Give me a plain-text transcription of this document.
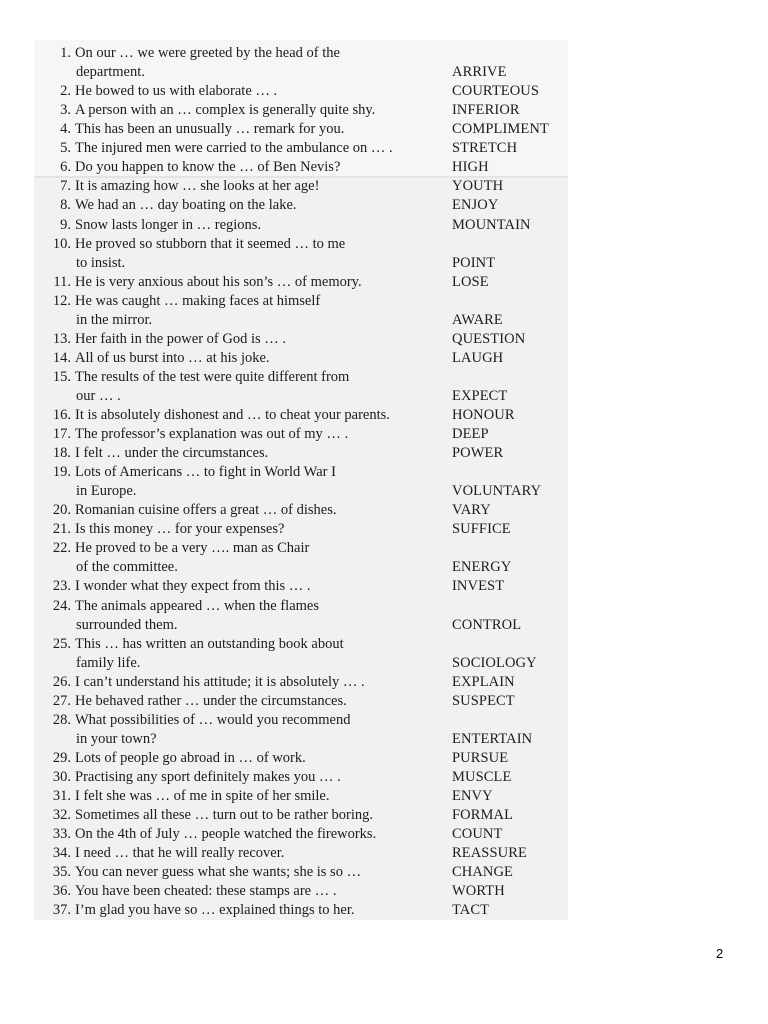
1. On our … we were greeted by the head of the
department.	ARRIVE
2. He bowed to us with elaborate … .	COURTEOUS
3. A person with an … complex is generally quite shy.	INFERIOR
4. This has been an unusually … remark for you.	COMPLIMENT
5. The injured men were carried to the ambulance on … .	STRETCH
6. Do you happen to know the … of Ben Nevis?	HIGH
7. It is amazing how … she looks at her age!	YOUTH
8. We had an … day boating on the lake.	ENJOY
9. Snow lasts longer in … regions.	MOUNTAIN
10. He proved so stubborn that it seemed … to me
to insist.	POINT
11. He is very anxious about his son’s … of memory.	LOSE
12. He was caught … making faces at himself
in the mirror.	AWARE
13. Her faith in the power of God is … .	QUESTION
14. All of us burst into … at his joke.	LAUGH
15. The results of the test were quite different from
our … .	EXPECT
16. It is absolutely dishonest and … to cheat your parents.	HONOUR
17. The professor’s explanation was out of my … .	DEEP
18. I felt … under the circumstances.	POWER
19. Lots of Americans … to fight in World War I
in Europe.	VOLUNTARY
20. Romanian cuisine offers a great … of dishes.	VARY
21. Is this money … for your expenses?	SUFFICE
22. He proved to be a very …. man as Chair
of the committee.	ENERGY
23. I wonder what they expect from this … .	INVEST
24. The animals appeared … when the flames
surrounded them.	CONTROL
25. This … has written an outstanding book about
family life.	SOCIOLOGY
26. I can’t understand his attitude; it is absolutely … .	EXPLAIN
27. He behaved rather … under the circumstances.	SUSPECT
28. What possibilities of … would you recommend
in your town?	ENTERTAIN
29. Lots of people go abroad in … of work.	PURSUE
30. Practising any sport definitely makes you … .	MUSCLE
31. I felt she was … of me in spite of her smile.	ENVY
32. Sometimes all these … turn out to be rather boring.	FORMAL
33. On the 4th of July … people watched the fireworks.	COUNT
34. I need … that he will really recover.	REASSURE
35. You can never guess what she wants; she is so …	CHANGE
36. You have been cheated: these stamps are … .	WORTH
37. I’m glad you have so … explained things to her.	TACT
2
